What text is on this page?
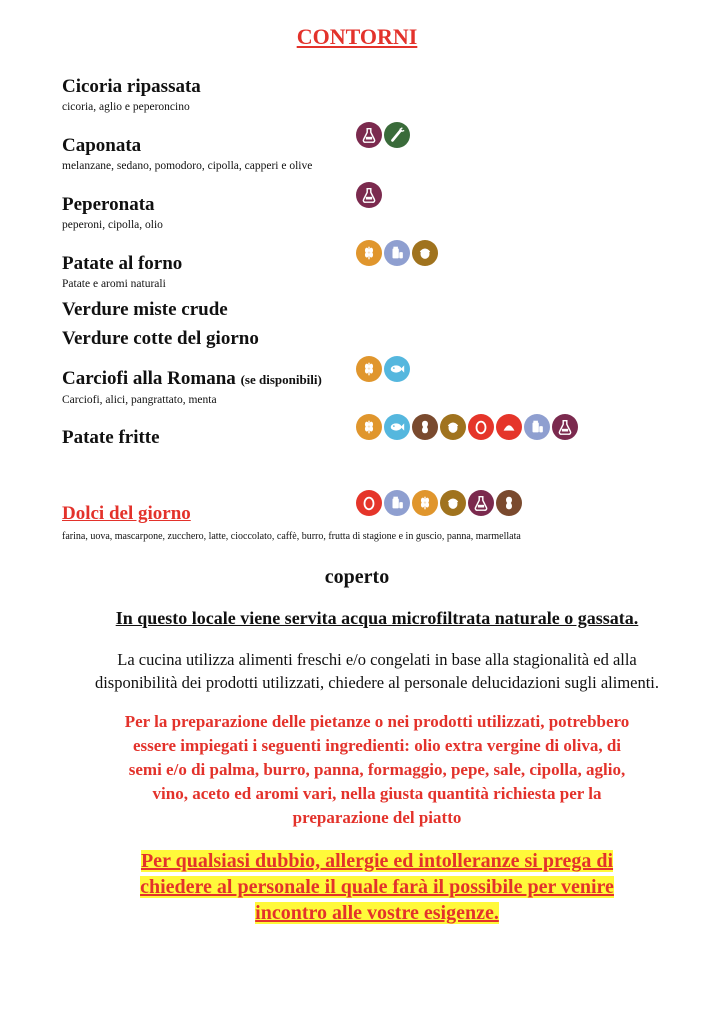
CONTORNI
Cicoria ripassata
cicoria, aglio e peperoncino
Caponata
melanzane, sedano, pomodoro, cipolla, capperi e olive
Peperonata
peperoni, cipolla, olio
Patate al forno
Patate e aromi naturali
Verdure miste crude
Verdure cotte del giorno
Carciofi alla Romana (se disponibili)
Carciofi, alici, pangrattato, menta
Patate fritte
Dolci del giorno
farina, uova, mascarpone, zucchero, latte, cioccolato, caffè, burro, frutta di stagione e in guscio, panna, marmellata
coperto
In questo locale viene servita acqua microfiltrata naturale o gassata.
La cucina utilizza alimenti freschi e/o congelati in base alla stagionalità ed alla
disponibilità dei prodotti utilizzati, chiedere al personale delucidazioni sugli alimenti.
Per la preparazione delle pietanze o nei prodotti utilizzati, potrebbero
essere impiegati i seguenti ingredienti: olio extra vergine di oliva, di
semi e/o di palma, burro, panna, formaggio, pepe, sale, cipolla, aglio,
vino, aceto ed aromi vari, nella giusta quantità richiesta per la
preparazione del piatto
Per qualsiasi dubbio, allergie ed intolleranze si prega di
chiedere al personale il quale farà il possibile per venire
incontro alle vostre esigenze.
